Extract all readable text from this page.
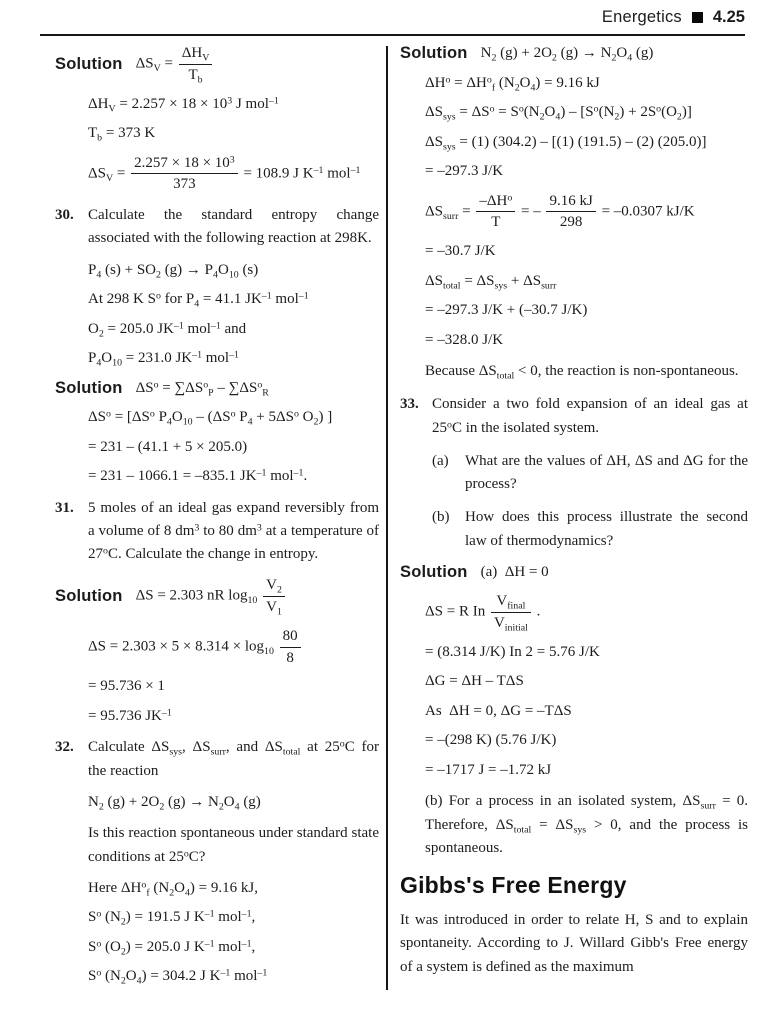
Energetics 4.25
Solution $\Delta S_V = \frac{\Delta H_V}{T_b}$
$\Delta H_V = 2.257 \times 18 \times 10^3$ J mol$^{-1}$
$T_b = 373$ K
$\Delta S_V = \frac{2.257 \times 18 \times 10^3}{373} = 108.9$ J $K^{-1}$ mol$^{-1}$
30. Calculate the standard entropy change associated with the following reaction at 298K.
$P_4$ $(s) + SO_2$ $(g) \to P_4O_{10}$ (s)
At 298 K $S^o$ for $P_4 = 41.1$ $JK^{-1}$ mol$^{-1}$
$O_2 = 205.0$ $JK^{-1}$ mol$^{-1}$ and
$P_4O_{10} = 231.0$ $JK^{-1}$ mol$^{-1}$
Solution $\Delta S^o = \sum\Delta S^o_P - \sum\Delta S^o_R$
$\Delta S^o = [\Delta S^o$ $P_4O_{10} - (\Delta S^o$ $P_4 + 5\Delta S^o$ $O_2$) ]
= 231 – (41.1 + 5 × 205.0)
= 231 – 1066.1 = –835.1 $JK^{-1}$ mol$^{-1}$.
31. 5 moles of an ideal gas expand reversibly from a volume of 8 $dm^3$ to 80 $dm^3$ at a temperature of 27$^o$C. Calculate the change in entropy.
Solution ΔS = 2.303 nR $\log_{10} \frac{V_2}{V_1}$
$\Delta S = 2.303 \times 5 \times 8.314 \times \log_{10} \frac{80}{8}$
= 95.736 × 1
= 95.736 $JK^{-1}$
32. Calculate $\Delta S_{sys}$, $\Delta S_{surr}$, and $\Delta S_{total}$ at 25$^o$C for the reaction
$N_2$ $(g) + 2O_2$ $(g) \to N_2O_4$ (g)
Is this reaction spontaneous under standard state conditions at 25$^o$C?
Here $\Delta H^o_f$ $(N_2O_4) = 9.16$ kJ,
$S^o$ $(N_2) = 191.5$ J $K^{-1}$ mol$^{-1}$,
$S^o$ $(O_2) = 205.0$ J $K^{-1}$ mol$^{-1}$,
$S^o$ $(N_2O_4) = 304.2$ J $K^{-1}$ mol$^{-1}$
Solution $N_2$ $(g) + 2O_2$ $(g) \to N_2O_4$ (g)
$\Delta H^o = \Delta H^o_f$ $(N_2O_4) = 9.16$ kJ
$\Delta S_{sys} = \Delta S^o = S^o(N_2O_4) - [S^o(N_2) + 2S^o(O_2)]$
$\Delta S_{sys} = (1)$ (304.2) – [(1) (191.5) – (2) (205.0)]
= –297.3 J/K
$\Delta S_{surr} = \frac{-\Delta H^o}{T}$ = – $\frac{9.16 kJ}{298} = -0.0307$ kJ/K
= –30.7 J/K
$\Delta S_{total} = \Delta S_{sys} + \Delta S_{surr}$
= –297.3 J/K + (–30.7 J/K)
= –328.0 J/K
Because $\Delta S_{total} < 0$, the reaction is non-spontaneous.
33. Consider a two fold expansion of an ideal gas at 25$^o$C in the isolated system.
(a)	What are the values of ΔH, ΔS and ΔG for the process?
(b)	How does this process illustrate the second law of thermodynamics?
Solution (a)  ΔH = 0
ΔS = R In $\frac{V_{final}}{V_{initial}}$ .
= (8.314 J/K) In 2 = 5.76 J/K
ΔG = ΔH – TΔS
As  ΔH = 0, ΔG = –TΔS
= –(298 K) (5.76 J/K)
= –1717 J = –1.72 kJ
(b) For a process in an isolated system, $\Delta S_{surr} = 0$. Therefore, $\Delta S_{total} = \Delta S_{sys} > 0$, and the process is spontaneous.
Gibbs's Free Energy
It was introduced in order to relate H, S and to explain spontaneity. According to J. Willard Gibb's Free energy of a system is defined as the maximum
